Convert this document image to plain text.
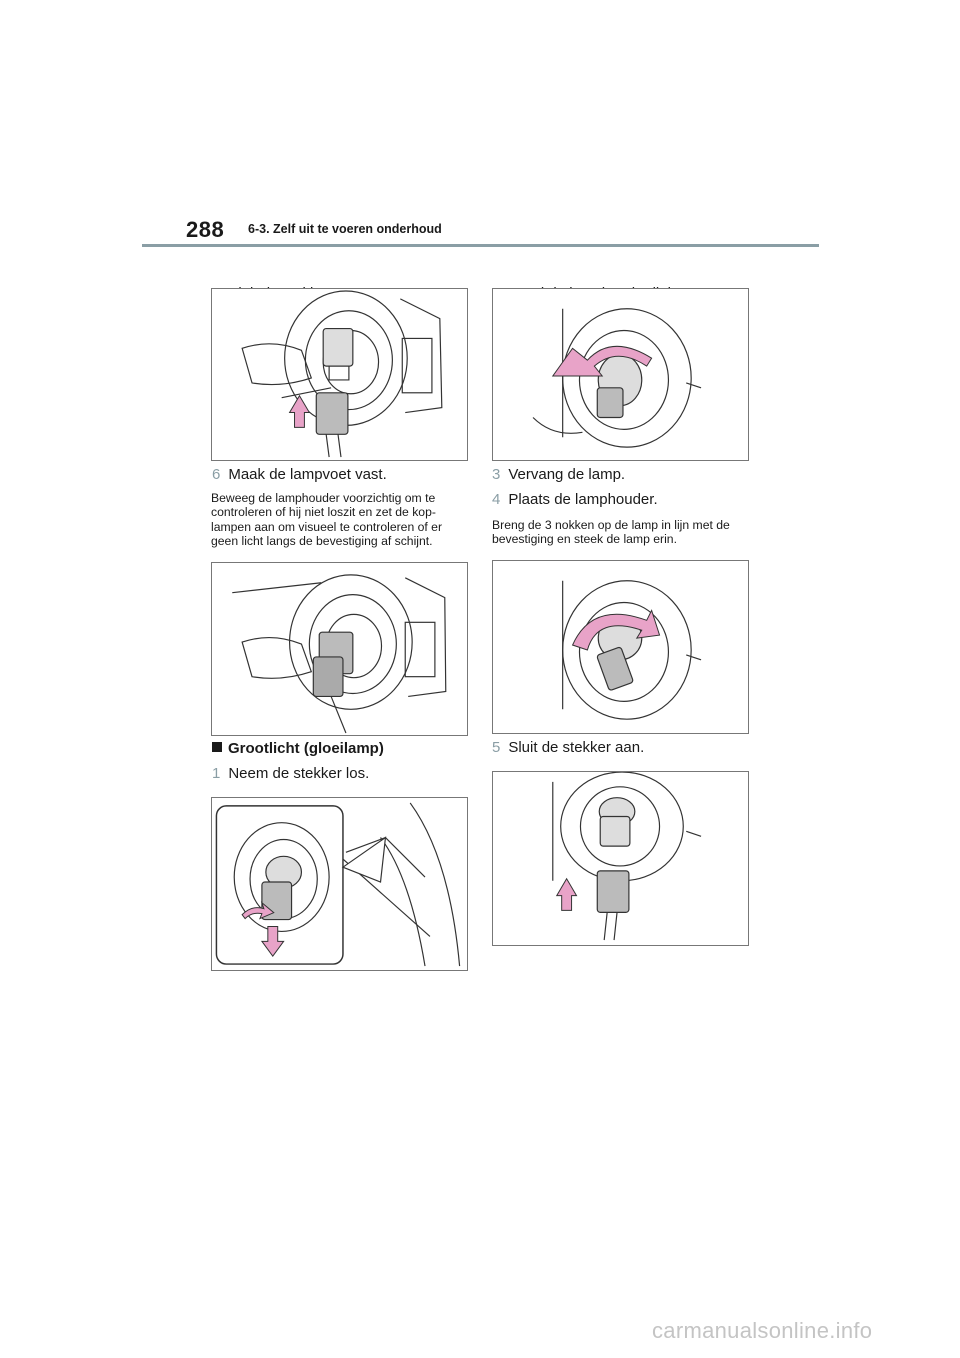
288 6-3. Zelf uit te voeren onderhoud
6 Maak de lampvoet vast.
Beweeg de lamphouder voorzichtig om te controleren of hij niet loszit en zet de kop-lampen aan om visueel te controleren of er geen licht langs de bevestiging af schijnt.
Grootlicht (gloeilamp)
1 Neem de stekker los.
3 Vervang de lamp.
4 Plaats de lamphouder.
Breng de 3 nokken op de lamp in lijn met de bevestiging en steek de lamp erin.
5 Sluit de stekker aan.
carmanualsonline.info
